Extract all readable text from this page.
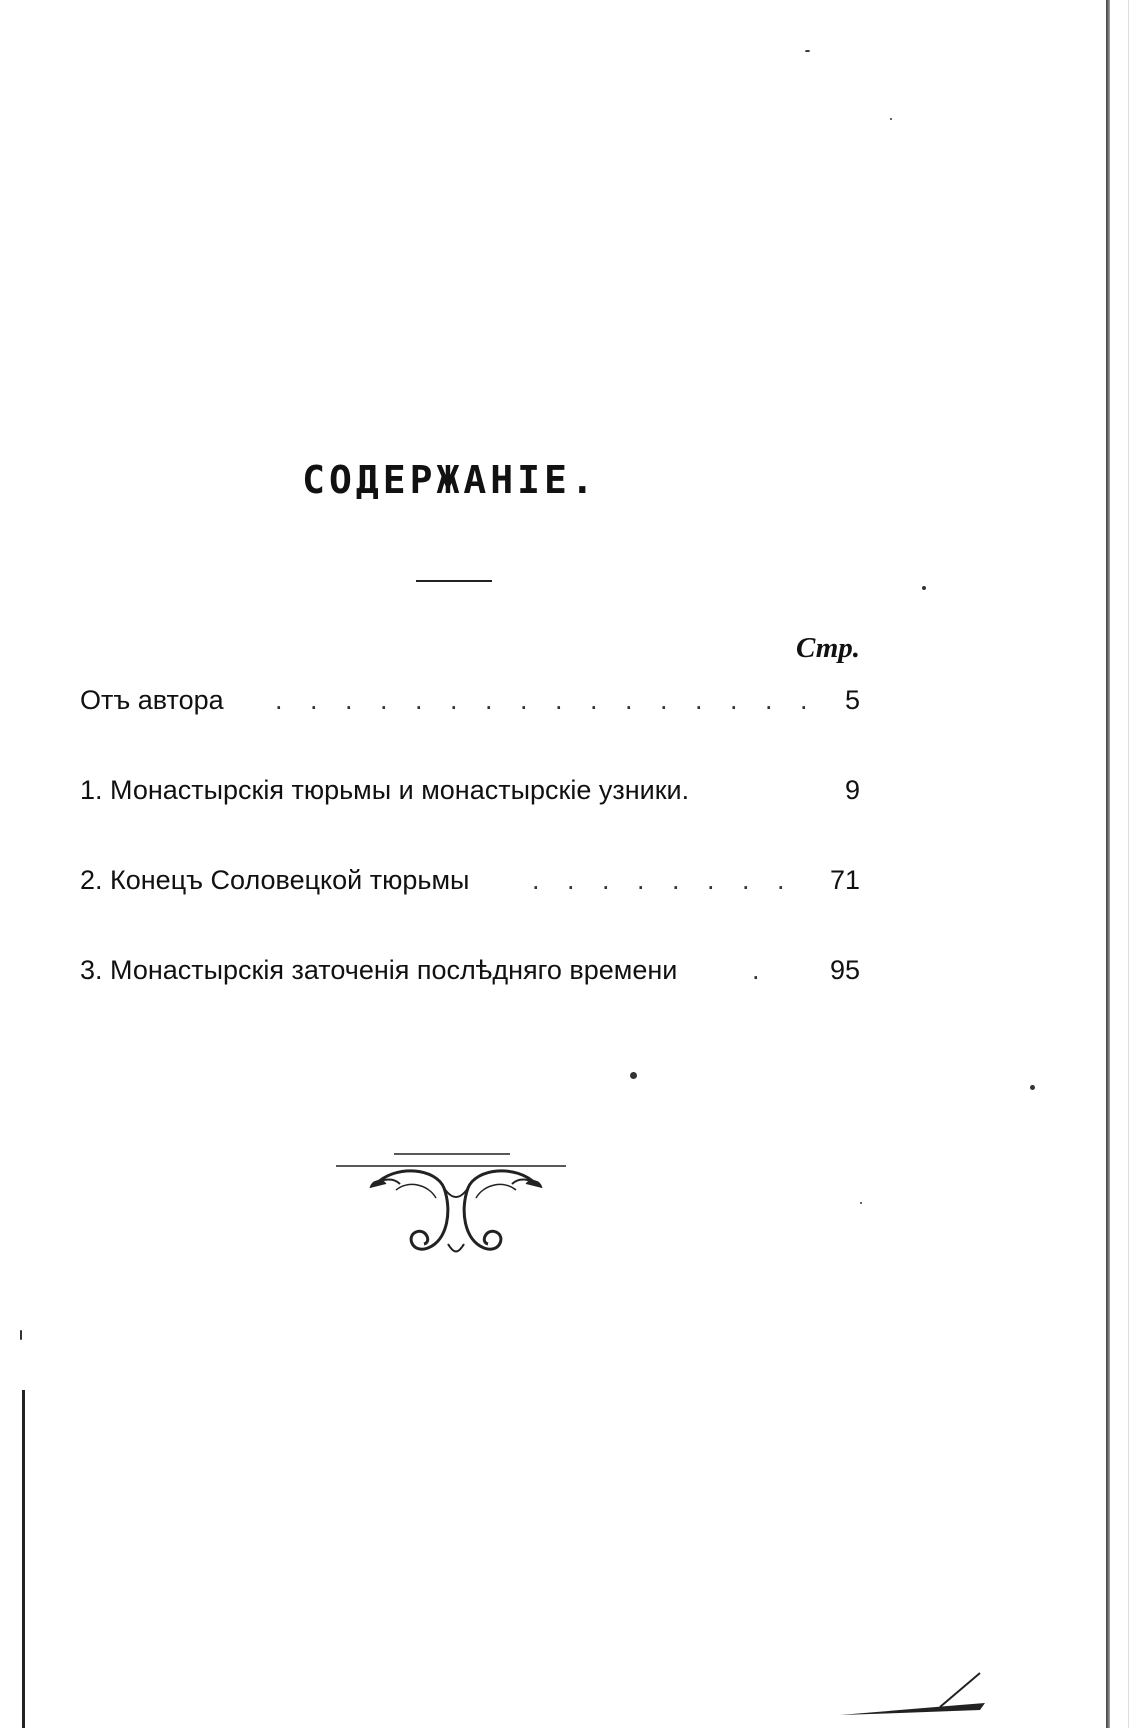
СОДЕРЖАНIЕ.
Стр.
Отъ автора . . . . . . . . . . . . . . . . 5
1. Монастырскiя тюрьмы и монастырскiе узники.	9
2. Конецъ Соловецкой тюрьмы . . . . . . . . 71
3. Монастырскiя заточенiя послѣдняго времени	. 95
